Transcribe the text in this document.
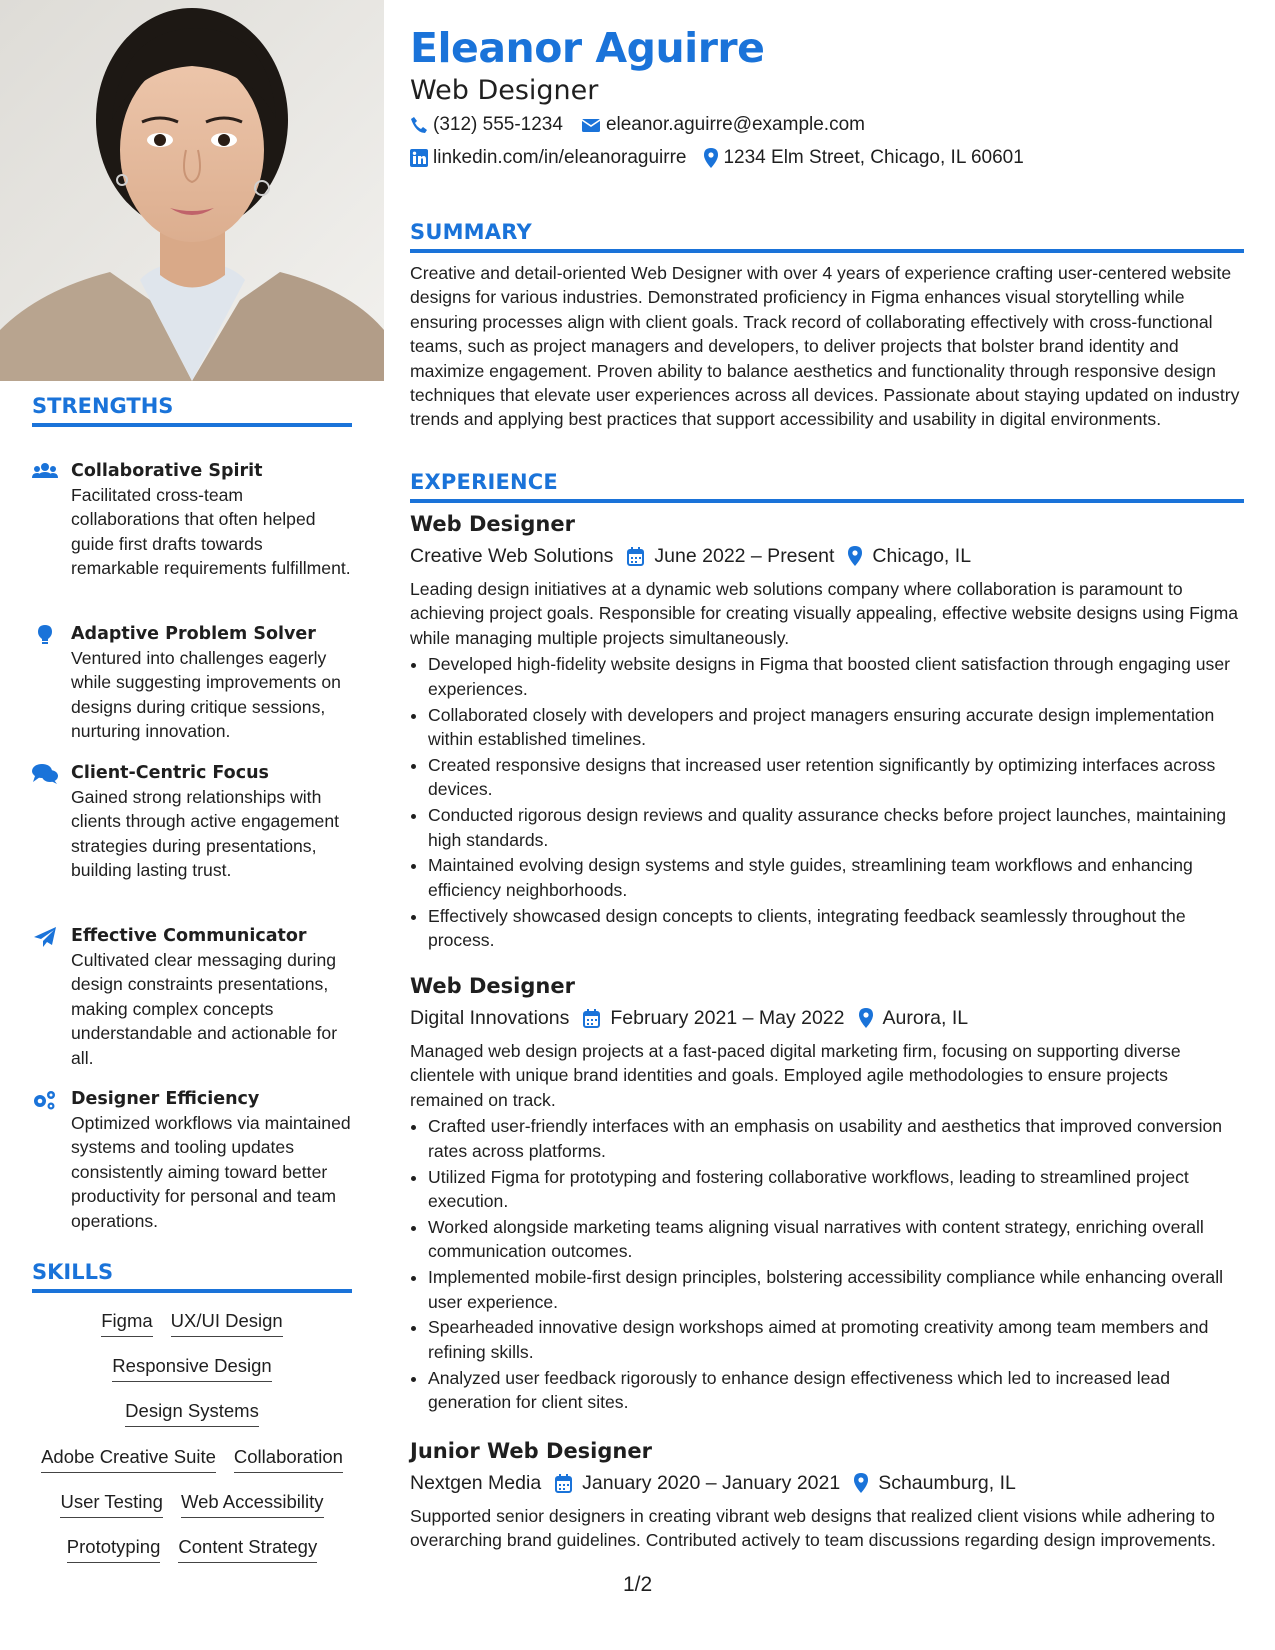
STRENGTHS
Collaborative Spirit
Facilitated cross-team collaborations that often helped guide first drafts towards remarkable requirements fulfillment.
Adaptive Problem Solver
Ventured into challenges eagerly while suggesting improvements on designs during critique sessions, nurturing innovation.
Client-Centric Focus
Gained strong relationships with clients through active engagement strategies during presentations, building lasting trust.
Effective Communicator
Cultivated clear messaging during design constraints presentations, making complex concepts understandable and actionable for all.
Designer Efficiency
Optimized workflows via maintained systems and tooling updates consistently aiming toward better productivity for personal and team operations.
SKILLS
Figma UX/UI Design
Responsive Design
Design Systems
Adobe Creative Suite Collaboration
User Testing Web Accessibility
Prototyping Content Strategy
Eleanor Aguirre
Web Designer
(312) 555-1234 eleanor.aguirre@example.com
linkedin.com/in/eleanoraguirre 1234 Elm Street, Chicago, IL 60601
SUMMARY

Creative and detail-oriented Web Designer with over 4 years of experience crafting user-centered website designs for various industries. Demonstrated proficiency in Figma enhances visual storytelling while ensuring processes align with client goals. Track record of collaborating effectively with cross-functional teams, such as project managers and developers, to deliver projects that bolster brand identity and maximize engagement. Proven ability to balance aesthetics and functionality through responsive design techniques that elevate user experiences across all devices. Passionate about staying updated on industry trends and applying best practices that support accessibility and usability in digital environments.

EXPERIENCE
Web Designer
Creative Web Solutions June 2022 – Present Chicago, IL
Leading design initiatives at a dynamic web solutions company where collaboration is paramount to achieving project goals. Responsible for creating visually appealing, effective website designs using Figma while managing multiple projects simultaneously.
• Developed high-fidelity website designs in Figma that boosted client satisfaction through engaging user experiences.
• Collaborated closely with developers and project managers ensuring accurate design implementation within established timelines.
• Created responsive designs that increased user retention significantly by optimizing interfaces across devices.
• Conducted rigorous design reviews and quality assurance checks before project launches, maintaining high standards.
• Maintained evolving design systems and style guides, streamlining team workflows and enhancing efficiency neighborhoods.
• Effectively showcased design concepts to clients, integrating feedback seamlessly throughout the process.
Web Designer
Digital Innovations February 2021 – May 2022 Aurora, IL
Managed web design projects at a fast-paced digital marketing firm, focusing on supporting diverse clientele with unique brand identities and goals. Employed agile methodologies to ensure projects remained on track.
• Crafted user-friendly interfaces with an emphasis on usability and aesthetics that improved conversion rates across platforms.
• Utilized Figma for prototyping and fostering collaborative workflows, leading to streamlined project execution.
• Worked alongside marketing teams aligning visual narratives with content strategy, enriching overall communication outcomes.
• Implemented mobile-first design principles, bolstering accessibility compliance while enhancing overall user experience.
• Spearheaded innovative design workshops aimed at promoting creativity among team members and refining skills.
• Analyzed user feedback rigorously to enhance design effectiveness which led to increased lead generation for client sites.
Junior Web Designer
Nextgen Media January 2020 – January 2021 Schaumburg, IL
Supported senior designers in creating vibrant web designs that realized client visions while adhering to overarching brand guidelines. Contributed actively to team discussions regarding design improvements.
1/2
